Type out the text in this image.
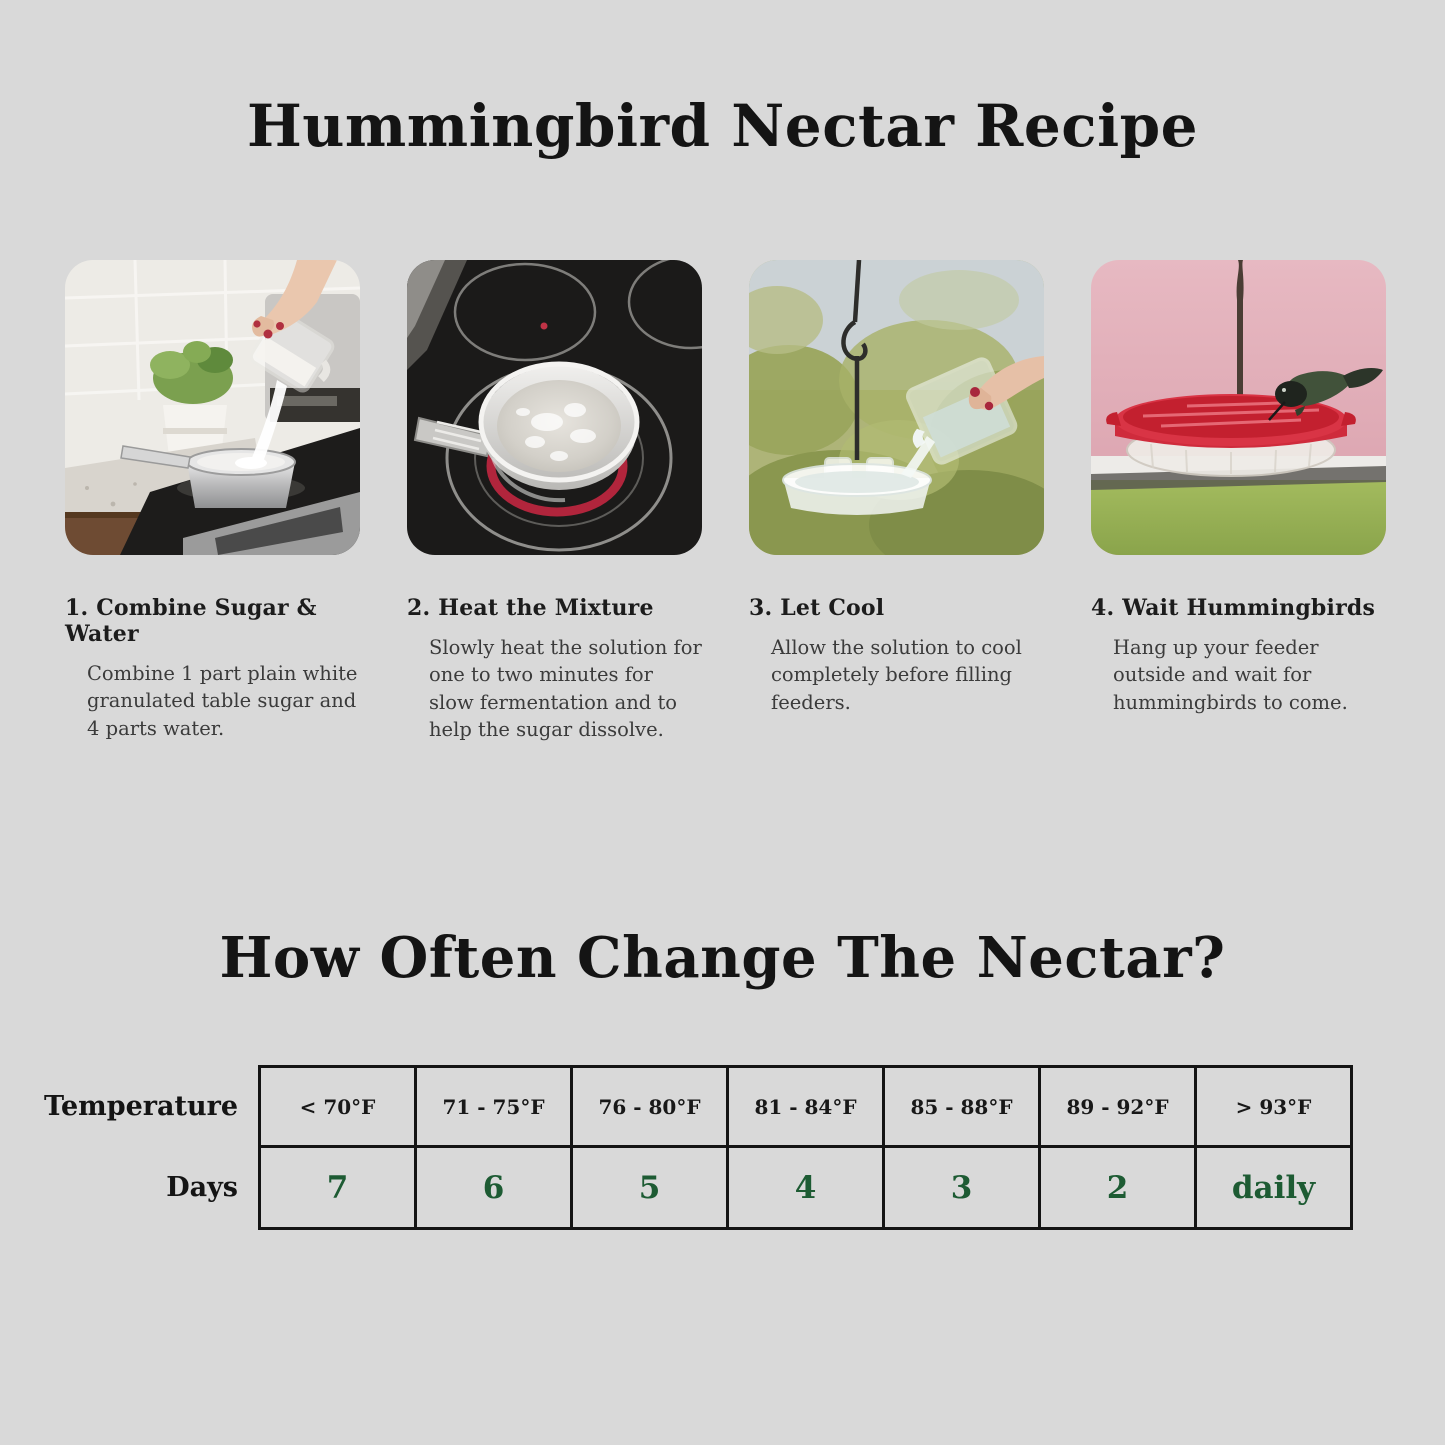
Hummingbird Nectar Recipe
1. Combine Sugar & Water

Combine 1 part plain white granulated table sugar and 4 parts water.

2. Heat the Mixture

Slowly heat the solution for one to two minutes for slow fermentation and to help the sugar dissolve.

3. Let Cool

Allow the solution to cool completely before filling feeders.

4. Wait Hummingbirds

Hang up your feeder outside and wait for hummingbirds to come.

How Often Change The Nectar?
Temperature	< 70°F	71 - 75°F	76 - 80°F	81 - 84°F	85 - 88°F	89 - 92°F	> 93°F
Days	7	6	5	4	3	2	daily
